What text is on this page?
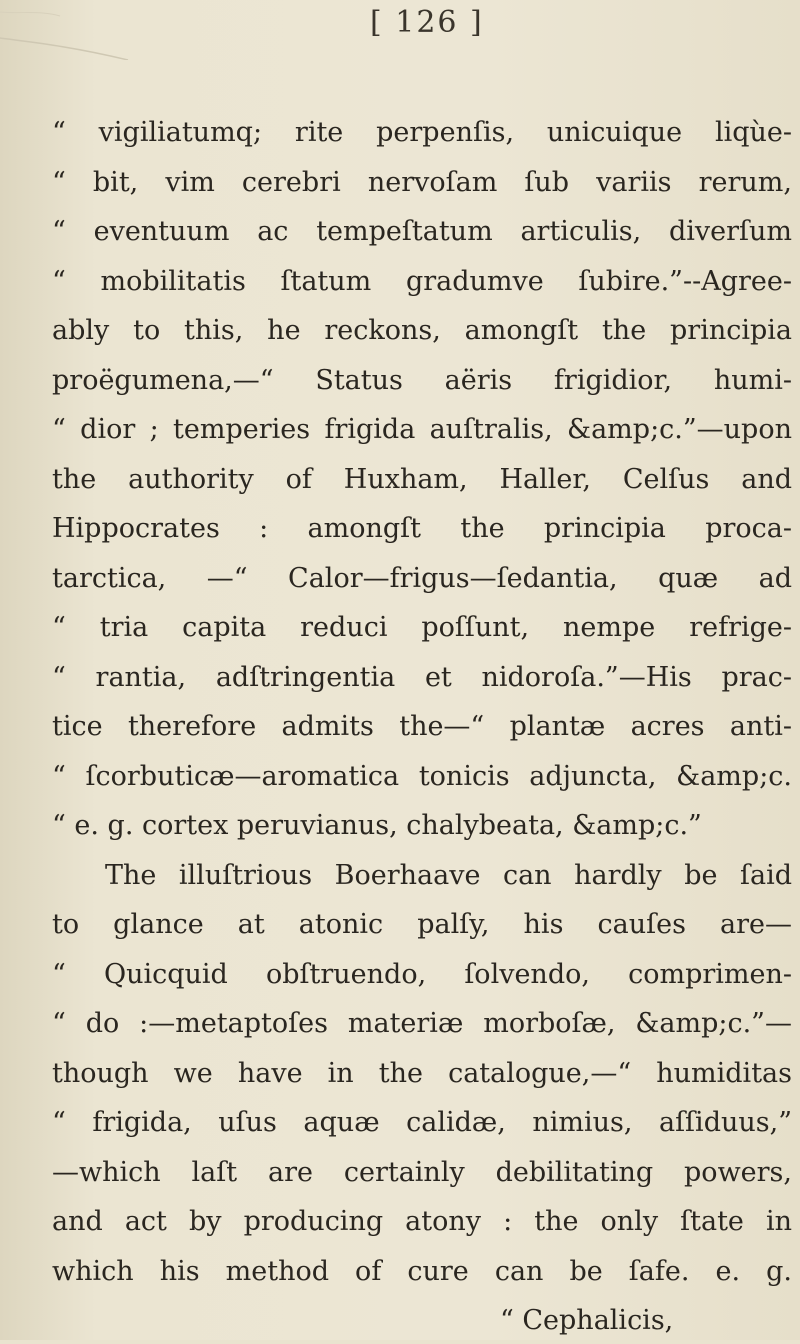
[ 126 ]
“ vigiliatumq; rite perpenſis, unicuique liqùe-
“ bit, vim cerebri nervoſam ſub variis rerum,
“ eventuum ac tempeſtatum articulis, diverſum
“ mobilitatis ſtatum gradumve ſubire.”--Agree-
ably to this, he reckons, amongſt the principia
proëgumena,—“ Status aëris frigidior, humi-
“ dior ; temperies frigida auſtralis, &amp;c.”—upon
the authority of Huxham, Haller, Celſus and
Hippocrates : amongſt the principia proca-
tarctica, —“ Calor—frigus—ſedantia, quæ ad
“ tria capita reduci poſſunt, nempe refrige-
“ rantia, adſtringentia et nidoroſa.”—His prac-
tice therefore admits the—“ plantæ acres anti-
“ ſcorbuticæ—aromatica tonicis adjuncta, &amp;c.
“ e. g. cortex peruvianus, chalybeata, &amp;c.”
The illuſtrious Boerhaave can hardly be ſaid
to glance at atonic palſy, his cauſes are—
“ Quicquid obſtruendo, ſolvendo, comprimen-
“ do :—metaptoſes materiæ morboſæ, &amp;c.”—
though we have in the catalogue,—“ humiditas
“ frigida, uſus aquæ calidæ, nimius, aſſiduus,”
—which laſt are certainly debilitating powers,
and act by producing atony : the only ſtate in
which his method of cure can be ſafe. e. g.
“ Cephalicis,
